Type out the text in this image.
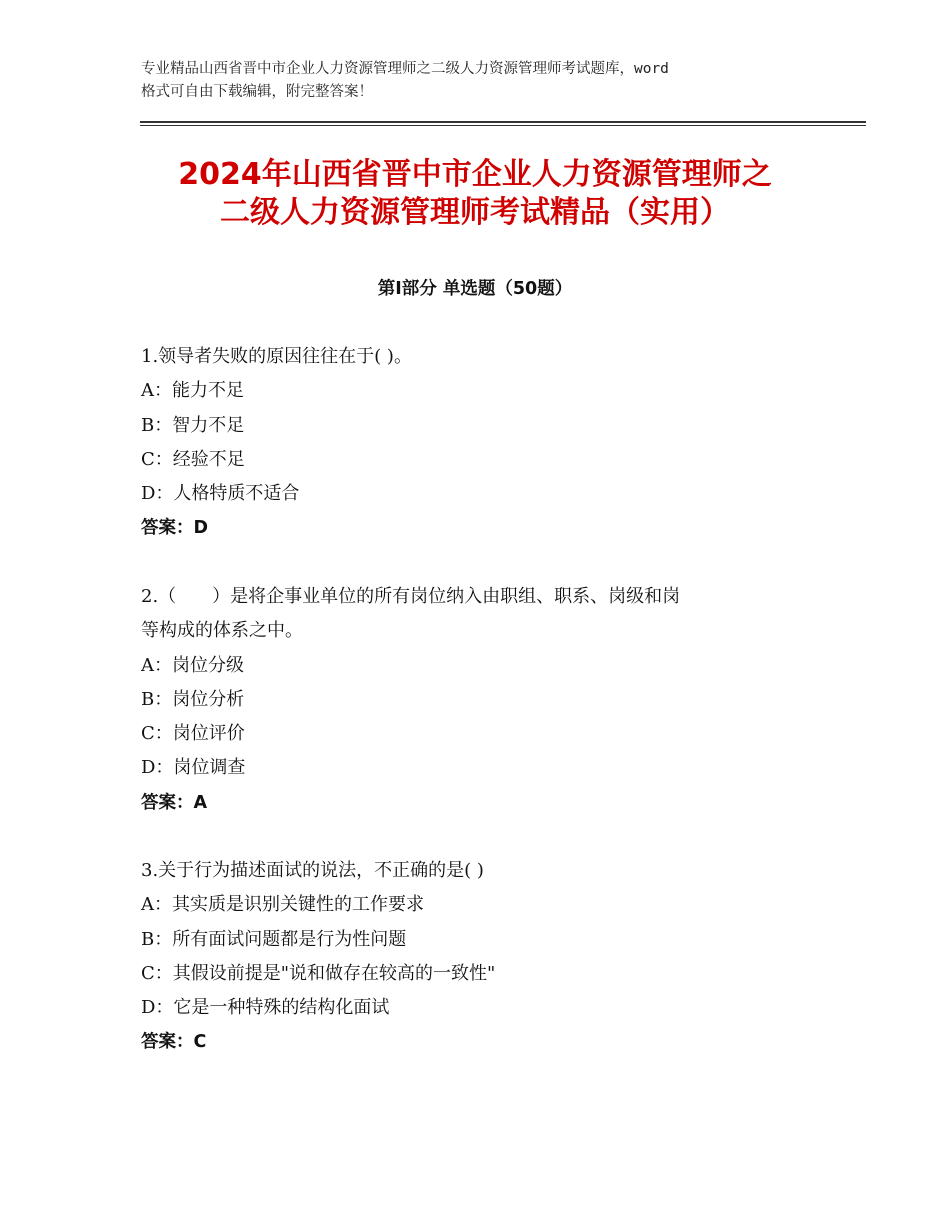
专业精品山西省晋中市企业人力资源管理师之二级人力资源管理师考试题库，word
格式可自由下载编辑，附完整答案！
2024年山西省晋中市企业人力资源管理师之
二级人力资源管理师考试精品（实用）
第Ⅰ部分 单选题（50题）
1.领导者失败的原因往往在于( )。
A：能力不足
B：智力不足
C：经验不足
D：人格特质不适合
答案：D
2.（　　）是将企事业单位的所有岗位纳入由职组、职系、岗级和岗
等构成的体系之中。
A：岗位分级
B：岗位分析
C：岗位评价
D：岗位调查
答案：A
3.关于行为描述面试的说法，不正确的是( )
A：其实质是识别关键性的工作要求
B：所有面试问题都是行为性问题
C：其假设前提是"说和做存在较高的一致性"
D：它是一种特殊的结构化面试
答案：C
